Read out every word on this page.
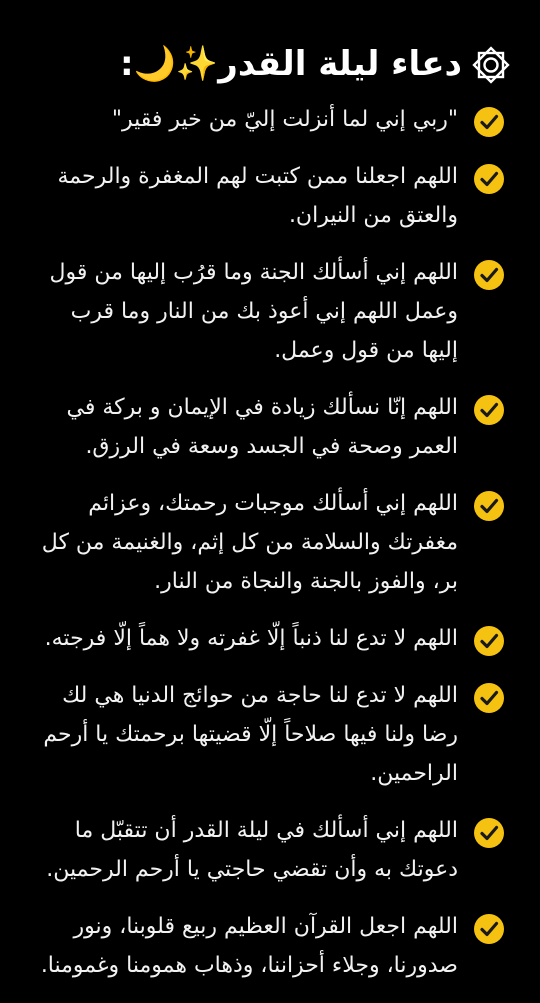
دعاء ليلة القدر✨🌙:
"ربي إني لما أنزلت إليّ من خير فقير"
اللهم اجعلنا ممن كتبت لهم المغفرة والرحمة والعتق من النيران.
اللهم إني أسألك الجنة وما قرُب إليها من قول وعمل اللهم إني أعوذ بك من النار وما قرب إليها من قول وعمل.
اللهم إنّا نسألك زيادة في الإيمان و بركة في العمر وصحة في الجسد وسعة في الرزق.
اللهم إني أسألك موجبات رحمتك، وعزائم مغفرتك والسلامة من كل إثم، والغنيمة من كل بر، والفوز بالجنة والنجاة من النار.
اللهم لا تدع لنا ذنباً إلّا غفرته ولا هماً إلّا فرجته.
اللهم لا تدع لنا حاجة من حوائج الدنيا هي لك رضا ولنا فيها صلاحاً إلّا قضيتها برحمتك يا أرحم الراحمين.
اللهم إني أسألك في ليلة القدر أن تتقبّل ما دعوتك به وأن تقضي حاجتي يا أرحم الرحمين.
اللهم اجعل القرآن العظيم ربيع قلوبنا، ونور صدورنا، وجلاء أحزاننا، وذهاب همومنا وغمومنا.
